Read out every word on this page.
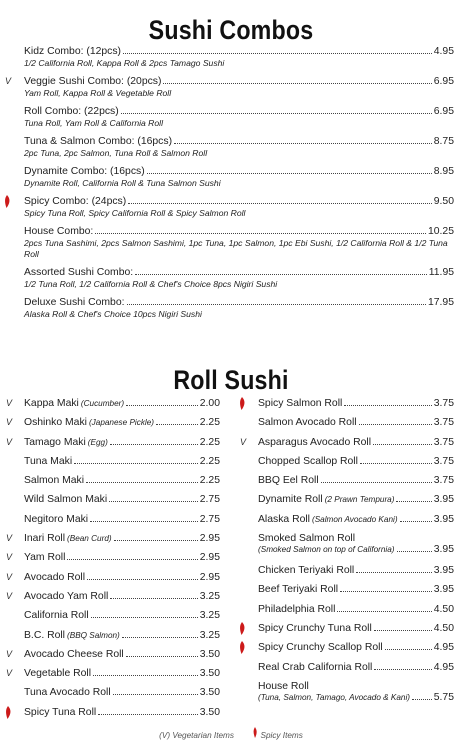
Sushi Combos
Kidz Combo: (12pcs)	4.95
1/2 California Roll, Kappa Roll & 2pcs Tamago Sushi
V Veggie Sushi Combo: (20pcs)	6.95
Yam Roll, Kappa Roll & Vegetable Roll
Roll Combo: (22pcs)	6.95
Tuna Roll, Yam Roll & California Roll
Tuna & Salmon Combo: (16pcs)	8.75
2pc Tuna, 2pc Salmon, Tuna Roll & Salmon Roll
Dynamite Combo: (16pcs)	8.95
Dynamite Roll, California Roll & Tuna Salmon Sushi
Spicy Combo: (24pcs)	9.50
Spicy Tuna Roll, Spicy California Roll & Spicy Salmon Roll
House Combo:	10.25
2pcs Tuna Sashimi, 2pcs Salmon Sashimi, 1pc Tuna, 1pc Salmon, 1pc Ebi Sushi, 1/2 California Roll & 1/2 Tuna Roll
Assorted Sushi Combo:	11.95
1/2 Tuna Roll, 1/2 California Roll & Chef's Choice 8pcs Nigiri Sushi
Deluxe Sushi Combo:	17.95
Alaska Roll & Chef's Choice 10pcs Nigiri Sushi
Roll Sushi
V Kappa Maki (Cucumber)	2.00
V Oshinko Maki (Japanese Pickle)	2.25
V Tamago Maki (Egg)	2.25
Tuna Maki	2.25
Salmon Maki	2.25
Wild Salmon Maki	2.75
Negitoro Maki	2.75
V Inari Roll (Bean Curd)	2.95
V Yam Roll	2.95
V Avocado Roll	2.95
V Avocado Yam Roll	3.25
California Roll	3.25
B.C. Roll (BBQ Salmon)	3.25
V Avocado Cheese Roll	3.50
V Vegetable Roll	3.50
Tuna Avocado Roll	3.50
Spicy Tuna Roll	3.50
Spicy Salmon Roll	3.75
Salmon Avocado Roll	3.75
V Asparagus Avocado Roll	3.75
Chopped Scallop Roll	3.75
BBQ Eel Roll	3.75
Dynamite Roll (2 Prawn Tempura)	3.95
Alaska Roll (Salmon Avocado Kani)	3.95
Smoked Salmon Roll
(Smoked Salmon on top of California)	3.95
Chicken Teriyaki Roll	3.95
Beef Teriyaki Roll	3.95
Philadelphia Roll	4.50
Spicy Crunchy Tuna Roll	4.50
Spicy Crunchy Scallop Roll	4.95
Real Crab California Roll	4.95
House Roll
(Tuna, Salmon, Tamago, Avocado & Kani) 5.75
(V) Vegetarian Items	Spicy Items
